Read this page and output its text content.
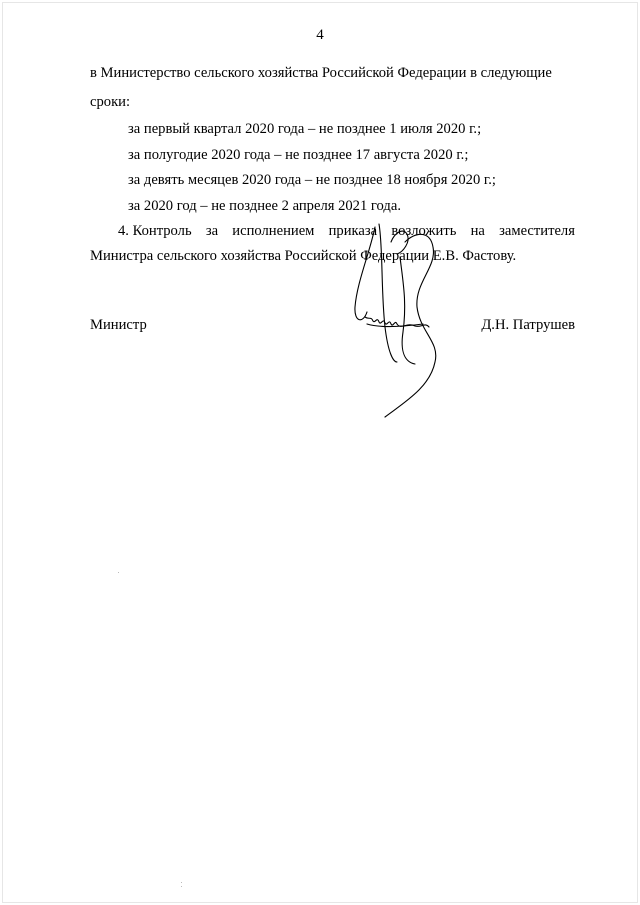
4
в Министерство сельского хозяйства Российской Федерации в следующие
сроки:
за первый квартал 2020 года – не позднее 1 июля 2020 г.;
за полугодие 2020 года – не позднее 17 августа 2020 г.;
за девять месяцев 2020 года – не позднее 18 ноября 2020 г.;
за 2020 год – не позднее 2 апреля 2021 года.
4. Контроль за исполнением приказа возложить на заместителя
Министра сельского хозяйства Российской Федерации Е.В. Фастову.
Министр	Д.Н. Патрушев
